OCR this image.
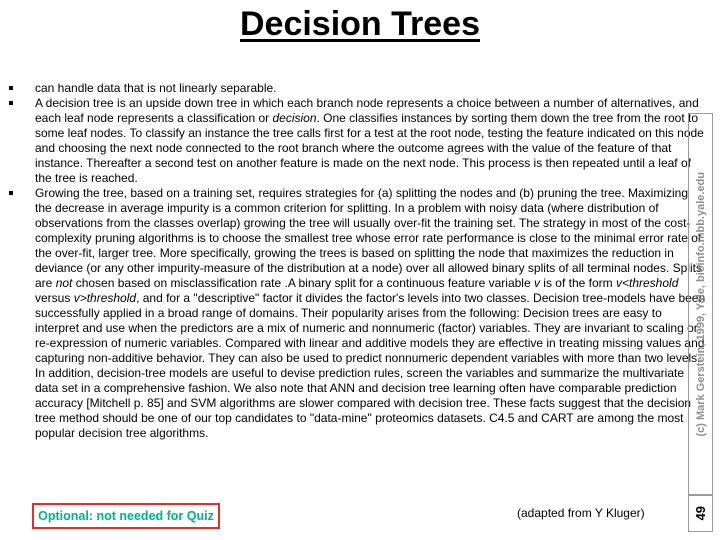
Decision Trees
can handle data that is not linearly separable.
A decision tree is an upside down tree in which each branch node represents a choice between a number of alternatives, and each leaf node represents a classification or decision. One classifies instances by sorting them down the tree from the root to some leaf nodes. To classify an instance the tree calls first for a test at the root node, testing the feature indicated on this node and choosing the next node connected to the root branch where the outcome agrees with the value of the feature of that instance. Thereafter a second test on another feature is made on the next node. This process is then repeated until a leaf of the tree is reached.
Growing the tree, based on a training set, requires strategies for (a) splitting the nodes and (b) pruning the tree. Maximizing the decrease in average impurity is a common criterion for splitting. In a problem with noisy data (where distribution of observations from the classes overlap) growing the tree will usually over-fit the training set. The strategy in most of the cost-complexity pruning algorithms is to choose the smallest tree whose error rate performance is close to the minimal error rate of the over-fit, larger tree. More specifically, growing the trees is based on splitting the node that maximizes the reduction in deviance (or any other impurity-measure of the distribution at a node) over all allowed binary splits of all terminal nodes. Splits are not chosen based on misclassification rate .A binary split for a continuous feature variable v is of the form v<threshold versus v>threshold, and for a "descriptive" factor it divides the factor's levels into two classes. Decision tree-models have been successfully applied in a broad range of domains. Their popularity arises from the following: Decision trees are easy to interpret and use when the predictors are a mix of numeric and nonnumeric (factor) variables. They are invariant to scaling or re-expression of numeric variables. Compared with linear and additive models they are effective in treating missing values and capturing non-additive behavior. They can also be used to predict nonnumeric dependent variables with more than two levels. In addition, decision-tree models are useful to devise prediction rules, screen the variables and summarize the multivariate data set in a comprehensive fashion. We also note that ANN and decision tree learning often have comparable prediction accuracy [Mitchell p. 85] and SVM algorithms are slower compared with decision tree. These facts suggest that the decision tree method should be one of our top candidates to "data-mine" proteomics datasets. C4.5 and CART are among the most popular decision tree algorithms.	(c) Mark Gerstein, 1999, Yale, bioinfo.mbb.yale.edu
49
Optional: not needed for Quiz	(adapted from Y Kluger)
